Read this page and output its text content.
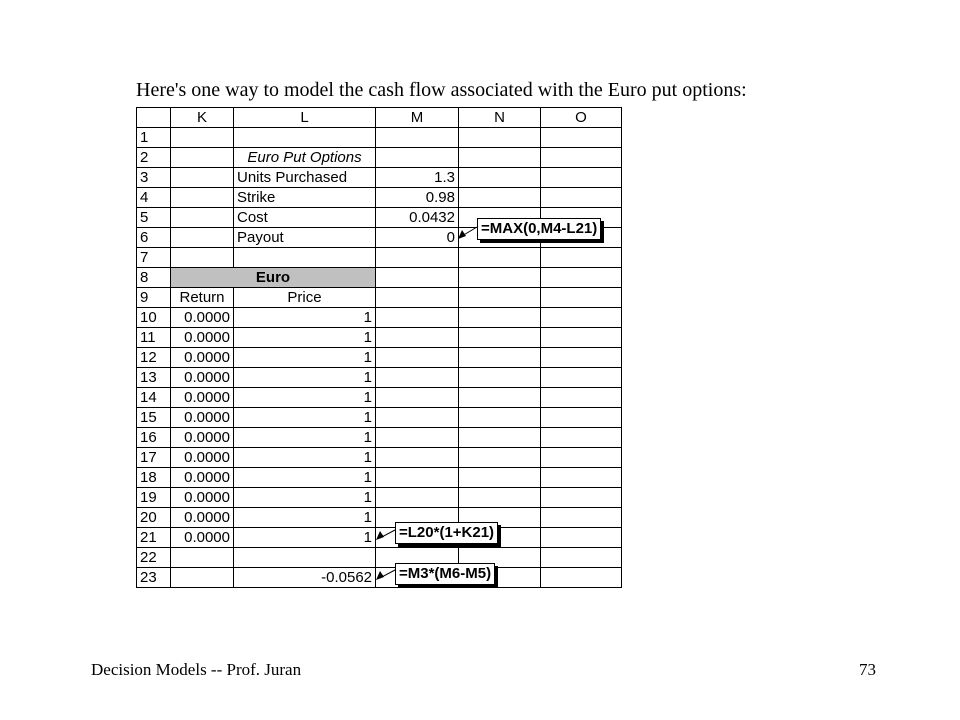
Here's one way to model the cash flow associated with the Euro put options:
	K	L	M	N	O
1					
2		Euro Put Options			
3		Units Purchased	1.3		
4		Strike	0.98		
5		Cost	0.0432		
6		Payout	0		
7					
8	Euro				
9	Return	Price			
10	0.0000	1			
11	0.0000	1			
12	0.0000	1			
13	0.0000	1			
14	0.0000	1			
15	0.0000	1			
16	0.0000	1			
17	0.0000	1			
18	0.0000	1			
19	0.0000	1			
20	0.0000	1			
21	0.0000	1			
22					
23		-0.0562			
=MAX(0,M4-L21)
=L20*(1+K21)
=M3*(M6-M5)
Decision Models -- Prof. Juran	73
